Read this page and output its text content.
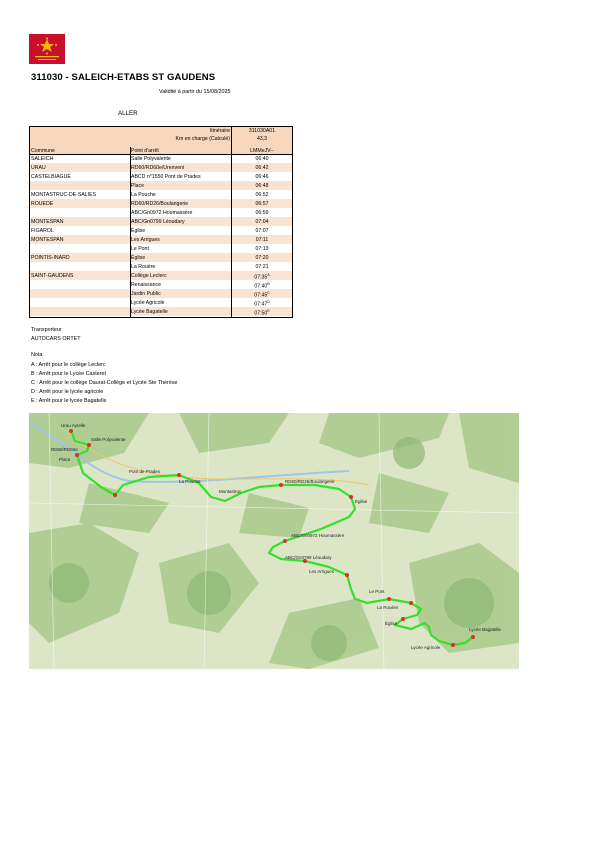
311030 - SALEICH-ETABS ST GAUDENS
Validité à partir du 15/08/2025
ALLER
Itinéraire	311030A01
Km en charge (Calculé)	43,3
Commune	Point d'arrêt	LMMeJV--
SALEICH	Salle Polyvalente	06:40
URAU	RD60/RD60e/Urenveni	06:42
CASTELBIAGUE	ABCD n°1550 Pont de Prades	06:46
Place	06:48
MONTASTRUC-DE-SALIES	La Pouche	06:52
ROUEDE	RD60/RD26/Boulangerie	06:57
ABC/Gn0972 Houmassère	06:59
MONTESPAN	ABC/Gn0799 Léoudary	07:04
FIGAROL	Église	07:07
MONTESPAN	Les Arrigues	07:11
Le Pont	07:13
POINTIS-INARD	Église	07:20
La Rouère	07:21
SAINT-GAUDENS	Collège Leclerc	$07:35^A$
Renaissance	$07:40^B$
Jardin Public	$07:45^C$
Lycée Agricole	$07:47^D$
Lycée Bagatelle	$07:50^E$
Transporteur
AUTOCARS ORTET
Nota
A : Arrêt pour le collège Leclerc
B : Arrêt pour le Lycée Casteret
C : Arrêt pour le collège Daurat-Collège et Lycée Ste Thérèse
D : Arrêt pour le lycée agricole
E : Arrêt pour le lycée Bagatelle
Urau Ayrelle
Salle Polyvalente
RD60/RD60e
Place
Pont de Prades
La Pouche
Montastruc
RD60/RD26/Boulangerie
Église
ABC/Gn0972 Houmassère
ABC/Gn0799 Léoudary
Les Arrigues
Le Pont
La Rouère
Église
Lycée Agricole
Lycée Bagatelle
